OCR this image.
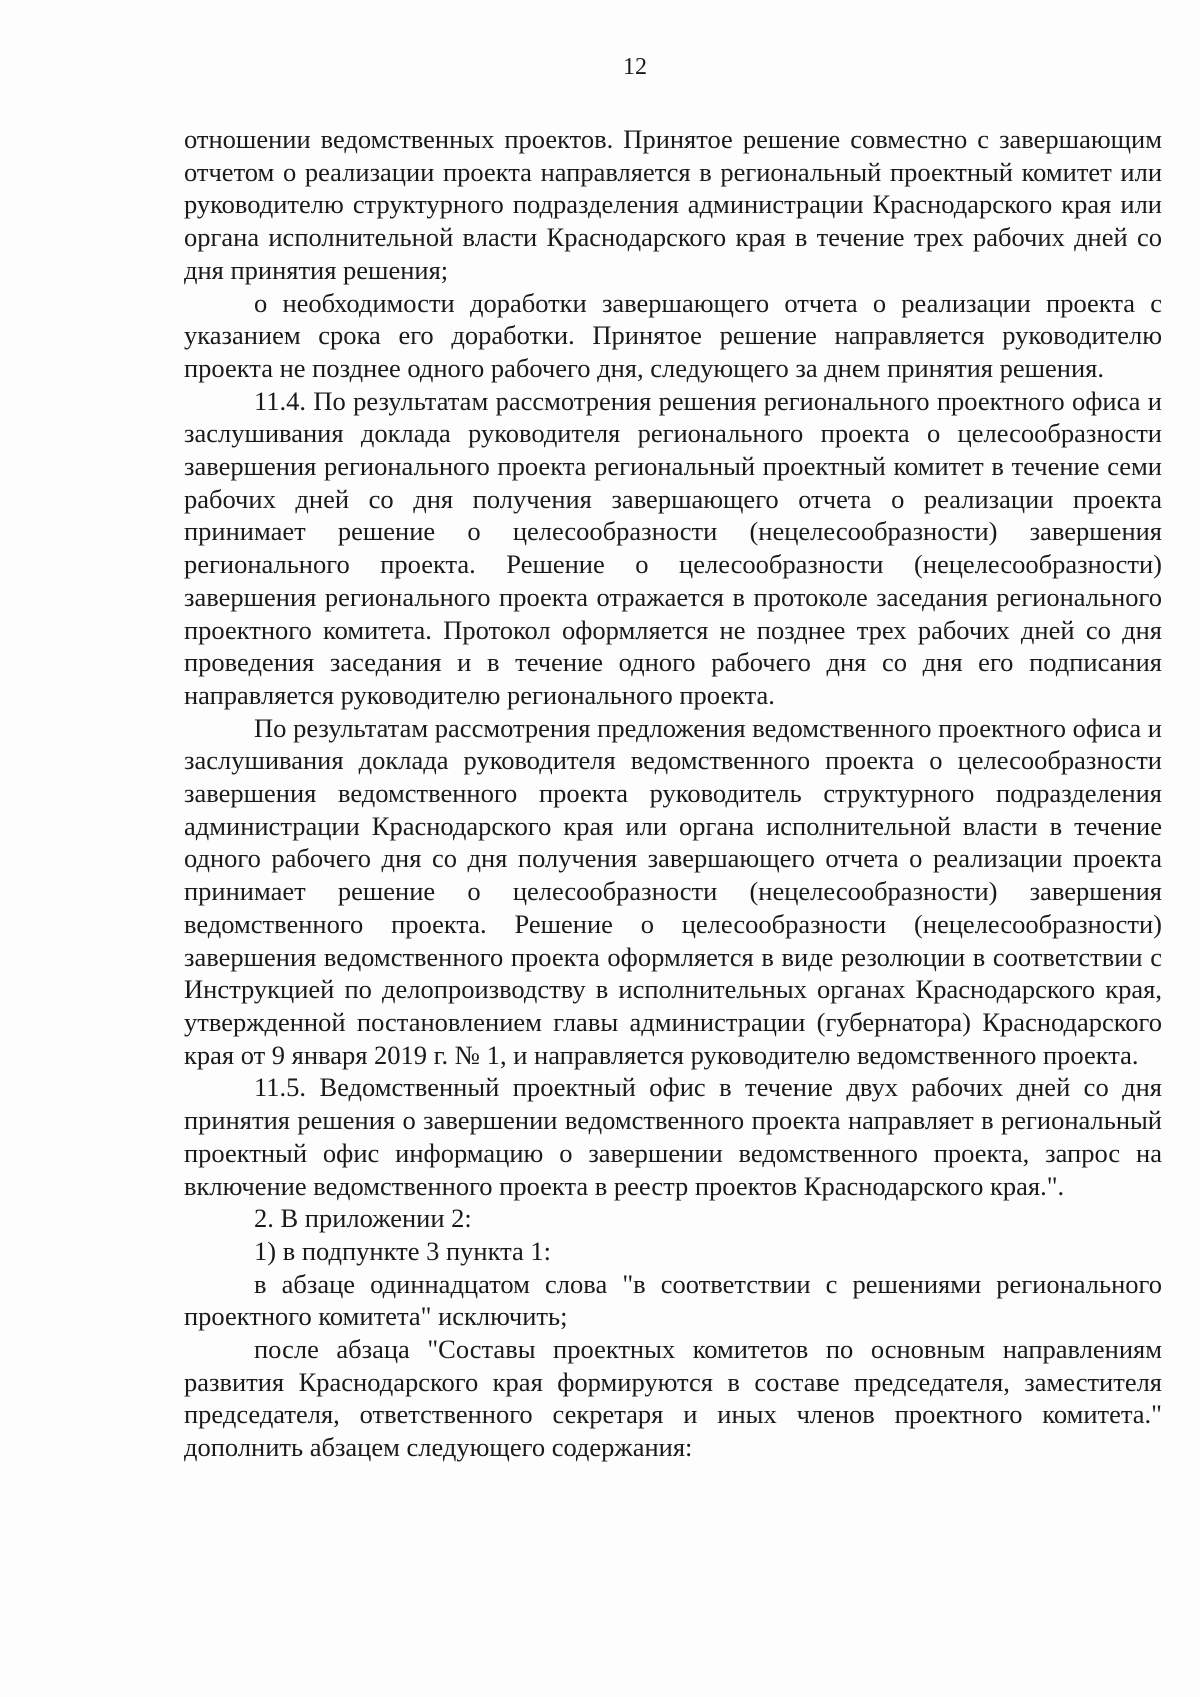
12

отношении ведомственных проектов. Принятое решение совместно с завершающим отчетом о реализации проекта направляется в региональный проектный комитет или руководителю структурного подразделения администрации Краснодарского края или органа исполнительной власти Краснодарского края в течение трех рабочих дней со дня принятия решения;

о необходимости доработки завершающего отчета о реализации проекта с указанием срока его доработки. Принятое решение направляется руководителю проекта не позднее одного рабочего дня, следующего за днем принятия решения.

11.4. По результатам рассмотрения решения регионального проектного офиса и заслушивания доклада руководителя регионального проекта о целесообразности завершения регионального проекта региональный проектный комитет в течение семи рабочих дней со дня получения завершающего отчета о реализации проекта принимает решение о целесообразности (нецелесообразности) завершения регионального проекта. Решение о целесообразности (нецелесообразности) завершения регионального проекта отражается в протоколе заседания регионального проектного комитета. Протокол оформляется не позднее трех рабочих дней со дня проведения заседания и в течение одного рабочего дня со дня его подписания направляется руководителю регионального проекта.

По результатам рассмотрения предложения ведомственного проектного офиса и заслушивания доклада руководителя ведомственного проекта о целесообразности завершения ведомственного проекта руководитель структурного подразделения администрации Краснодарского края или органа исполнительной власти в течение одного рабочего дня со дня получения завершающего отчета о реализации проекта принимает решение о целесообразности (нецелесообразности) завершения ведомственного проекта. Решение о целесообразности (нецелесообразности) завершения ведомственного проекта оформляется в виде резолюции в соответствии с Инструкцией по делопроизводству в исполнительных органах Краснодарского края, утвержденной постановлением главы администрации (губернатора) Краснодарского края от 9 января 2019 г. № 1, и направляется руководителю ведомственного проекта.

11.5. Ведомственный проектный офис в течение двух рабочих дней со дня принятия решения о завершении ведомственного проекта направляет в региональный проектный офис информацию о завершении ведомственного проекта, запрос на включение ведомственного проекта в реестр проектов Краснодарского края.".

2. В приложении 2:

1) в подпункте 3 пункта 1:

в абзаце одиннадцатом слова "в соответствии с решениями регионального проектного комитета" исключить;

после абзаца "Составы проектных комитетов по основным направлениям развития Краснодарского края формируются в составе председателя, заместителя председателя, ответственного секретаря и иных членов проектного комитета." дополнить абзацем следующего содержания:
